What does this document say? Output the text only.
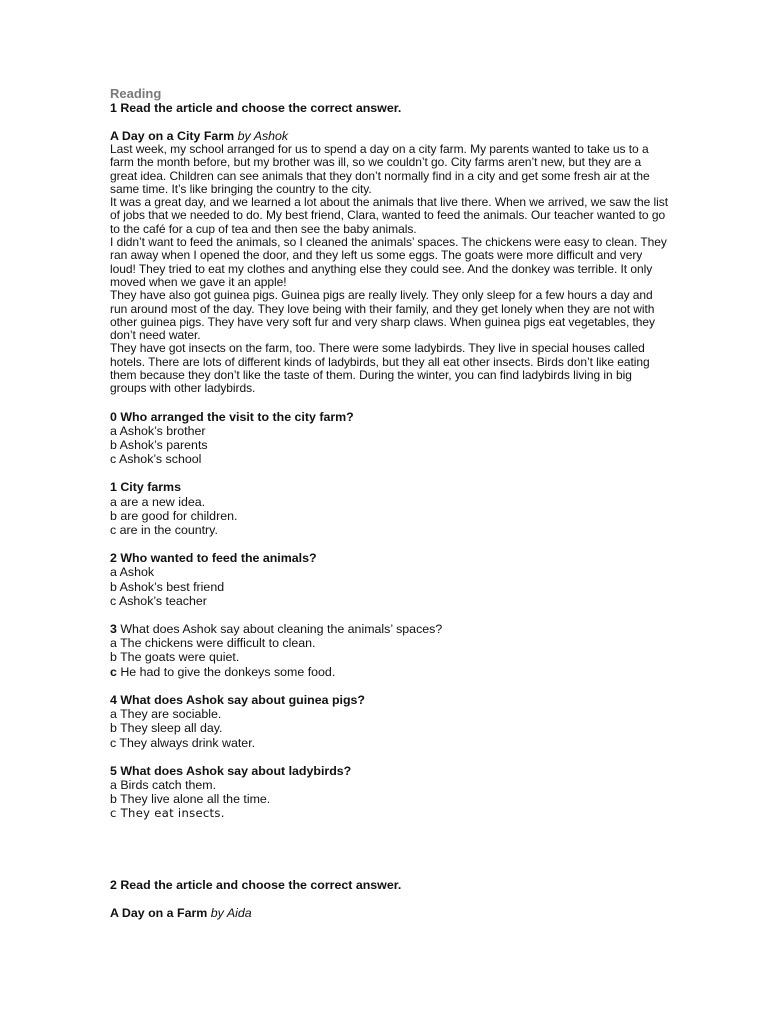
Reading
1 Read the article and choose the correct answer.
A Day on a City Farm by Ashok

Last week, my school arranged for us to spend a day on a city farm. My parents wanted to take us to a farm the month before, but my brother was ill, so we couldn’t go. City farms aren’t new, but they are a great idea. Children can see animals that they don’t normally find in a city and get some fresh air at the same time. It’s like bringing the country to the city.

It was a great day, and we learned a lot about the animals that live there. When we arrived, we saw the list of jobs that we needed to do. My best friend, Clara, wanted to feed the animals. Our teacher wanted to go to the café for a cup of tea and then see the baby animals.

I didn’t want to feed the animals, so I cleaned the animals’ spaces. The chickens were easy to clean. They ran away when I opened the door, and they left us some eggs. The goats were more difficult and very loud! They tried to eat my clothes and anything else they could see. And the donkey was terrible. It only moved when we gave it an apple!

They have also got guinea pigs. Guinea pigs are really lively. They only sleep for a few hours a day and run around most of the day. They love being with their family, and they get lonely when they are not with other guinea pigs. They have very soft fur and very sharp claws. When guinea pigs eat vegetables, they don’t need water.

They have got insects on the farm, too. There were some ladybirds. They live in special houses called hotels. There are lots of different kinds of ladybirds, but they all eat other insects. Birds don’t like eating them because they don’t like the taste of them. During the winter, you can find ladybirds living in big groups with other ladybirds.

0 Who arranged the visit to the city farm?
a Ashok’s brother
b Ashok’s parents
c Ashok’s school
1 City farms
a are a new idea.
b are good for children.
c are in the country.
2 Who wanted to feed the animals?
a Ashok
b Ashok’s best friend
c Ashok’s teacher
3 What does Ashok say about cleaning the animals’ spaces?
a The chickens were difficult to clean.
b The goats were quiet.
c He had to give the donkeys some food.
4 What does Ashok say about guinea pigs?
a They are sociable.
b They sleep all day.
c They always drink water.
5 What does Ashok say about ladybirds?
a Birds catch them.
b They live alone all the time.
c They eat insects.
2 Read the article and choose the correct answer.
A Day on a Farm by Aida
